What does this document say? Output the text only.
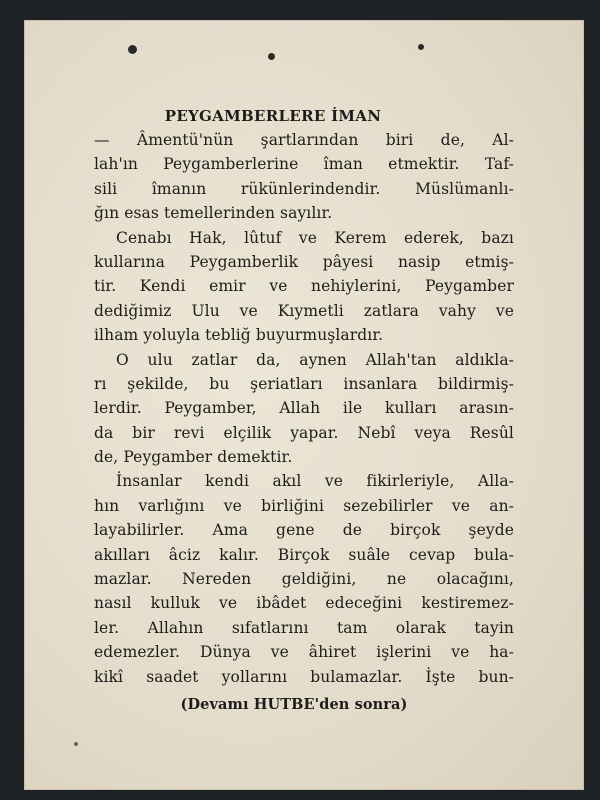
PEYGAMBERLERE İMAN
— Âmentü'nün şartlarından biri de, Al-
lah'ın Peygamberlerine îman etmektir. Taf-
sili îmanın rükünlerindendir. Müslümanlı-
ğın esas temellerinden sayılır.
Cenabı Hak, lûtuf ve Kerem ederek, bazı
kullarına Peygamberlik pâyesi nasip etmiş-
tir. Kendi emir ve nehiylerini, Peygamber
dediğimiz Ulu ve Kıymetli zatlara vahy ve
ilham yoluyla tebliğ buyurmuşlardır.
O ulu zatlar da, aynen Allah'tan aldıkla-
rı şekilde, bu şeriatları insanlara bildirmiş-
lerdir. Peygamber, Allah ile kulları arasın-
da bir revi elçilik yapar. Nebî veya Resûl
de, Peygamber demektir.
İnsanlar kendi akıl ve fikirleriyle, Alla-
hın varlığını ve birliğini sezebilirler ve an-
layabilirler. Ama gene de birçok şeyde
akılları âciz kalır. Birçok suâle cevap bula-
mazlar. Nereden geldiğini, ne olacağını,
nasıl kulluk ve ibâdet edeceğini kestiremez-
ler. Allahın sıfatlarını tam olarak tayin
edemezler. Dünya ve âhiret işlerini ve ha-
kikî saadet yollarını bulamazlar. İşte bun-
(Devamı HUTBE'den sonra)
